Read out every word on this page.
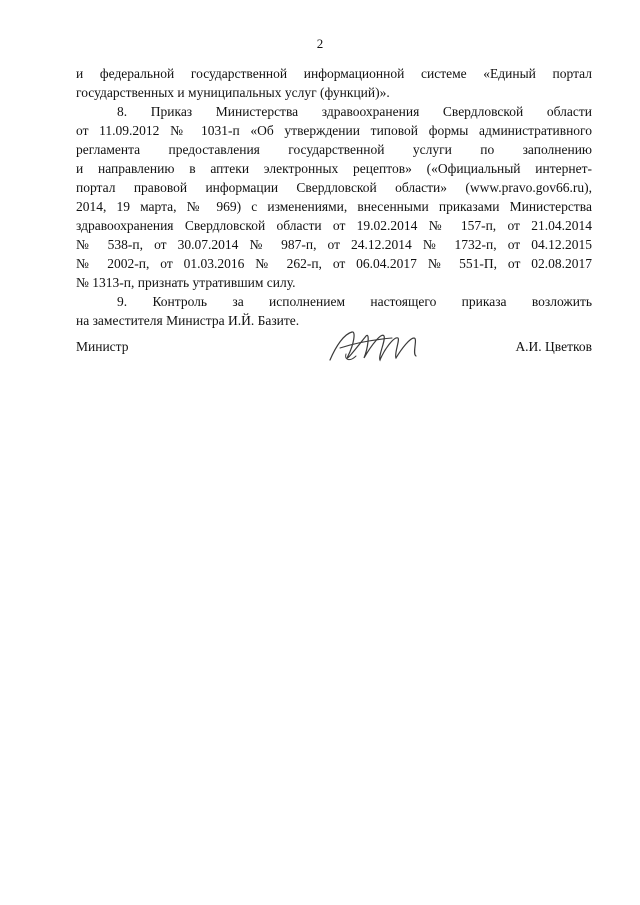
2
и федеральной государственной информационной системе «Единый портал
государственных и муниципальных услуг (функций)».
8. Приказ Министерства здравоохранения Свердловской области
от 11.09.2012 № 1031-п «Об утверждении типовой формы административного
регламента предоставления государственной услуги по заполнению
и направлению в аптеки электронных рецептов» («Официальный интернет-
портал правовой информации Свердловской области» (www.pravo.gov66.ru),
2014, 19 марта, № 969) с изменениями, внесенными приказами Министерства
здравоохранения Свердловской области от 19.02.2014 № 157-п, от 21.04.2014
№ 538-п, от 30.07.2014 № 987-п, от 24.12.2014 № 1732-п, от 04.12.2015
№ 2002-п, от 01.03.2016 № 262-п, от 06.04.2017 № 551-П, от 02.08.2017
№ 1313-п, признать утратившим силу.
9. Контроль за исполнением настоящего приказа возложить
на заместителя Министра И.Й. Базите.
Министр	А.И. Цветков
